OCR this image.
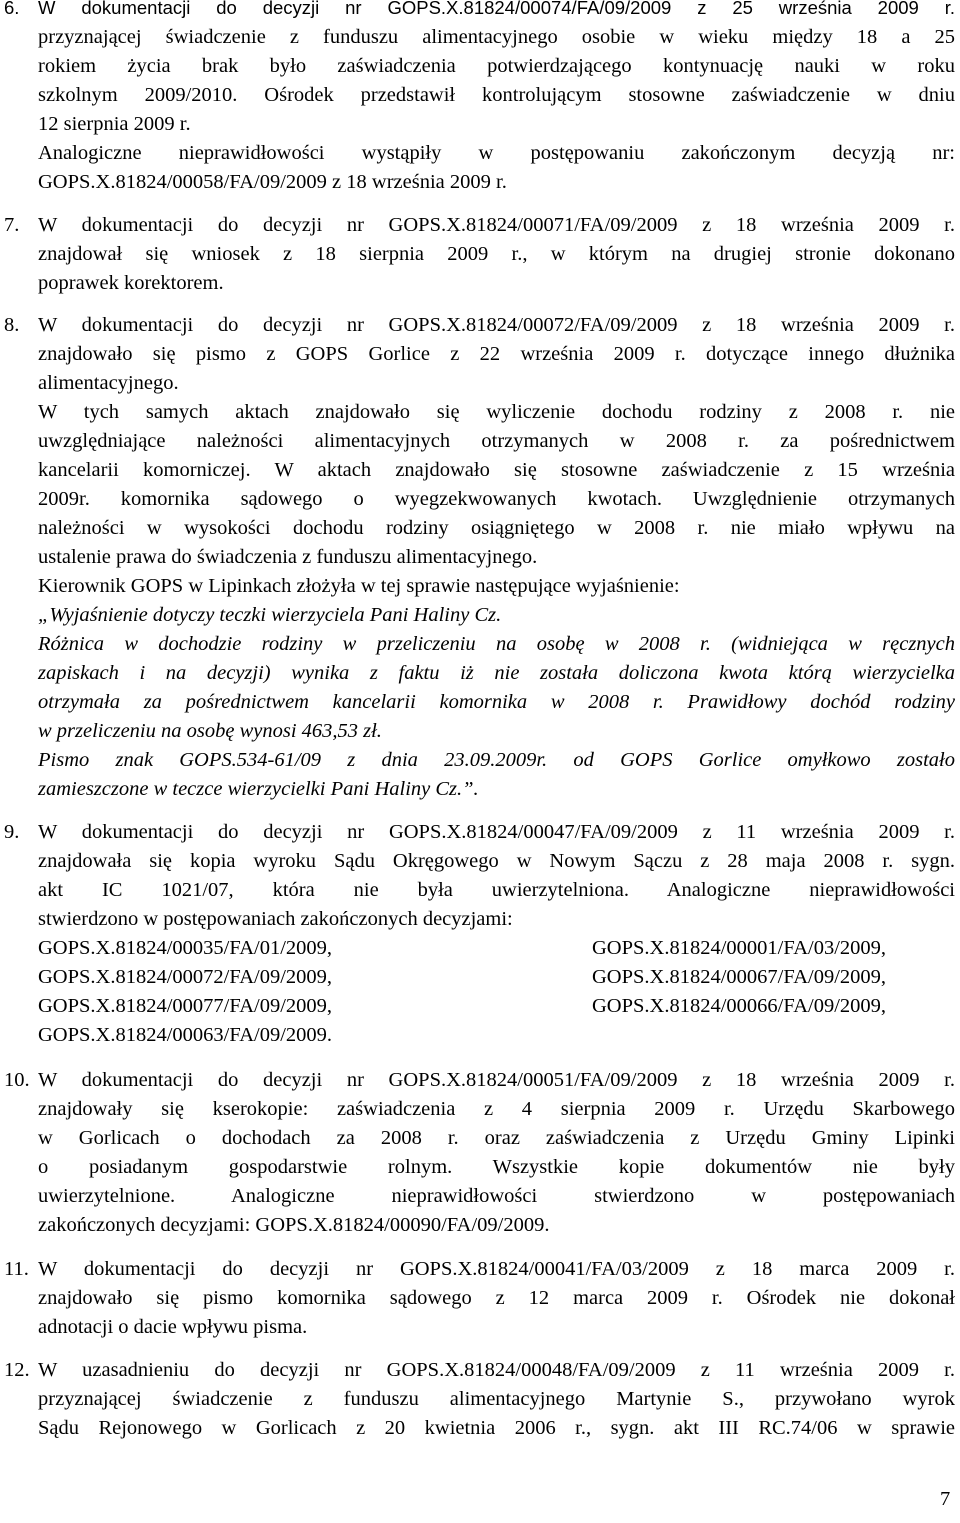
6.	W dokumentacji do decyzji nr GOPS.X.81824/00074/FA/09/2009 z 25 września 2009 r.

przyznającej świadczenie z funduszu alimentacyjnego osobie w wieku między 18 a 25

rokiem życia brak było zaświadczenia potwierdzającego kontynuację nauki w roku

szkolnym 2009/2010. Ośrodek przedstawił kontrolującym stosowne zaświadczenie w dniu

12 sierpnia 2009 r.

Analogiczne nieprawidłowości wystąpiły w postępowaniu zakończonym decyzją nr:

GOPS.X.81824/00058/FA/09/2009 z 18 września 2009 r.

7. W dokumentacji do decyzji nr GOPS.X.81824/00071/FA/09/2009 z 18 września 2009 r.

znajdował się wniosek z 18 sierpnia 2009 r., w którym na drugiej stronie dokonano

poprawek korektorem.

8. W dokumentacji do decyzji nr GOPS.X.81824/00072/FA/09/2009 z 18 września 2009 r.

znajdowało się pismo z GOPS Gorlice z 22 września 2009 r. dotyczące innego dłużnika

alimentacyjnego.

W tych samych aktach znajdowało się wyliczenie dochodu rodziny z 2008 r. nie

uwzględniające należności alimentacyjnych otrzymanych w 2008 r. za pośrednictwem

kancelarii komorniczej. W aktach znajdowało się stosowne zaświadczenie z 15 września

2009r. komornika sądowego o wyegzekwowanych kwotach. Uwzględnienie otrzymanych

należności w wysokości dochodu rodziny osiągniętego w 2008 r. nie miało wpływu na

ustalenie prawa do świadczenia z funduszu alimentacyjnego.

Kierownik GOPS w Lipinkach złożyła w tej sprawie następujące wyjaśnienie:

„Wyjaśnienie dotyczy teczki wierzyciela Pani Haliny Cz.

Różnica w dochodzie rodziny w przeliczeniu na osobę w 2008 r. (widniejąca w ręcznych

zapiskach i na decyzji) wynika z faktu iż nie została doliczona kwota którą wierzycielka

otrzymała za pośrednictwem kancelarii komornika w 2008 r. Prawidłowy dochód rodziny

w przeliczeniu na osobę wynosi 463,53 zł.

Pismo znak GOPS.534-61/09 z dnia 23.09.2009r. od GOPS Gorlice omyłkowo zostało

zamieszczone w teczce wierzycielki Pani Haliny Cz.”.

9. W dokumentacji do decyzji nr GOPS.X.81824/00047/FA/09/2009 z 11 września 2009 r.

znajdowała się kopia wyroku Sądu Okręgowego w Nowym Sączu z 28 maja 2008 r. sygn.

akt IC 1021/07, która nie była uwierzytelniona. Analogiczne nieprawidłowości

stwierdzono w postępowaniach zakończonych decyzjami:

GOPS.X.81824/00035/FA/01/2009,	GOPS.X.81824/00001/FA/03/2009,

GOPS.X.81824/00072/FA/09/2009,	GOPS.X.81824/00067/FA/09/2009,

GOPS.X.81824/00077/FA/09/2009,	GOPS.X.81824/00066/FA/09/2009,

GOPS.X.81824/00063/FA/09/2009.

10. W dokumentacji do decyzji nr GOPS.X.81824/00051/FA/09/2009 z 18 września 2009 r.

znajdowały się kserokopie: zaświadczenia z 4 sierpnia 2009 r. Urzędu Skarbowego

w Gorlicach o dochodach za 2008 r. oraz zaświadczenia z Urzędu Gminy Lipinki

o posiadanym gospodarstwie rolnym. Wszystkie kopie dokumentów nie były

uwierzytelnione. Analogiczne nieprawidłowości stwierdzono w postępowaniach

zakończonych decyzjami: GOPS.X.81824/00090/FA/09/2009.

11. W dokumentacji do decyzji nr GOPS.X.81824/00041/FA/03/2009 z 18 marca 2009 r.

znajdowało się pismo komornika sądowego z 12 marca 2009 r. Ośrodek nie dokonał

adnotacji o dacie wpływu pisma.

12. W uzasadnieniu do decyzji nr GOPS.X.81824/00048/FA/09/2009 z 11 września 2009 r.

przyznającej świadczenie z funduszu alimentacyjnego Martynie S., przywołano wyrok

Sądu Rejonowego w Gorlicach z 20 kwietnia 2006 r., sygn. akt III RC.74/06 w sprawie

7
